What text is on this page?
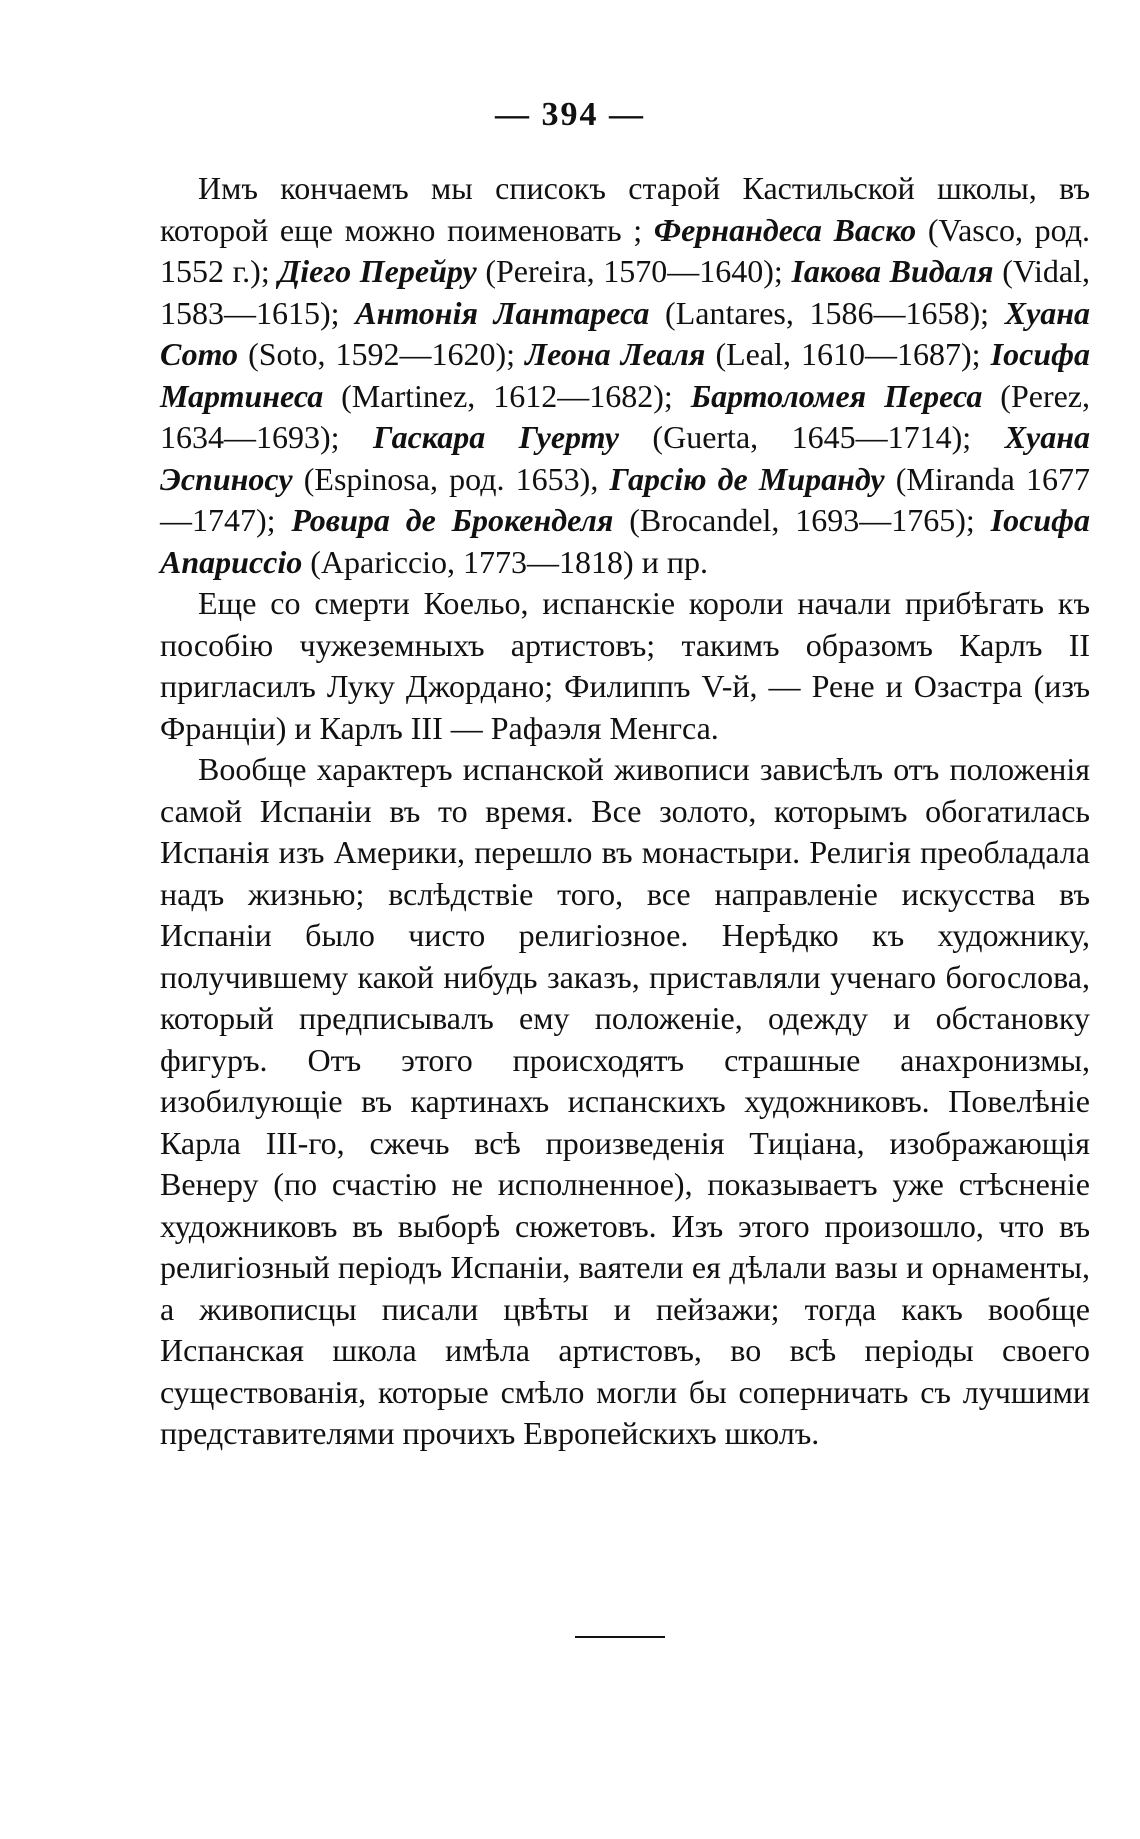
— 394 —

Имъ кончаемъ мы списокъ старой Кастильской школы, въ которой еще можно поименовать ; Фернандеса Васко (Vasco, род. 1552 г.); Діего Перейру (Pereira, 1570—1640); Іакова Видаля (Vidal, 1583—1615); Антонія Лантареса (Lantares, 1586—1658); Хуана Сото (Soto, 1592—1620); Леона Леаля (Leal, 1610—1687); Іосифа Мартинеса (Martinez, 1612—1682); Бартоломея Переса (Perez, 1634—1693); Гаскара Гуерту (Guerta, 1645—1714); Хуана Эспиносу (Espinosa, род. 1653), Гарсію де Миранду (Miranda 1677—1747); Ровира де Брокенделя (Brocandel, 1693—1765); Іосифа Апариссіо (Aparicсio, 1773—1818) и пр.

Еще со смерти Коельо, испанскіе короли начали прибѣгать къ пособію чужеземныхъ артистовъ; такимъ образомъ Карлъ II пригласилъ Луку Джордано; Филиппъ V-й, — Рене и Озастра (изъ Франціи) и Карлъ III — Рафаэля Менгса.

Вообще характеръ испанской живописи зависѣлъ отъ положенія самой Испаніи въ то время. Все золото, которымъ обогатилась Испанія изъ Америки, перешло въ монастыри. Религія преобладала надъ жизнью; вслѣдствіе того, все направленіе искусства въ Испаніи было чисто религіозное. Нерѣдко къ художнику, получившему какой нибудь заказъ, приставляли ученаго богослова, который предписывалъ ему положеніе, одежду и обстановку фигуръ. Отъ этого происходятъ страшные анахронизмы, изобилующіе въ картинахъ испанскихъ художниковъ. Повелѣніе Карла III-го, сжечь всѣ произведенія Тиціана, изображающія Венеру (по счастію не исполненное), показываетъ уже стѣсненіе художниковъ въ выборѣ сюжетовъ. Изъ этого произошло, что въ религіозный періодъ Испаніи, ваятели ея дѣлали вазы и орнаменты, а живописцы писали цвѣты и пейзажи; тогда какъ вообще Испанская школа имѣла артистовъ, во всѣ періоды своего существованія, которые смѣло могли бы соперничать съ лучшими представителями прочихъ Европейскихъ школъ.
